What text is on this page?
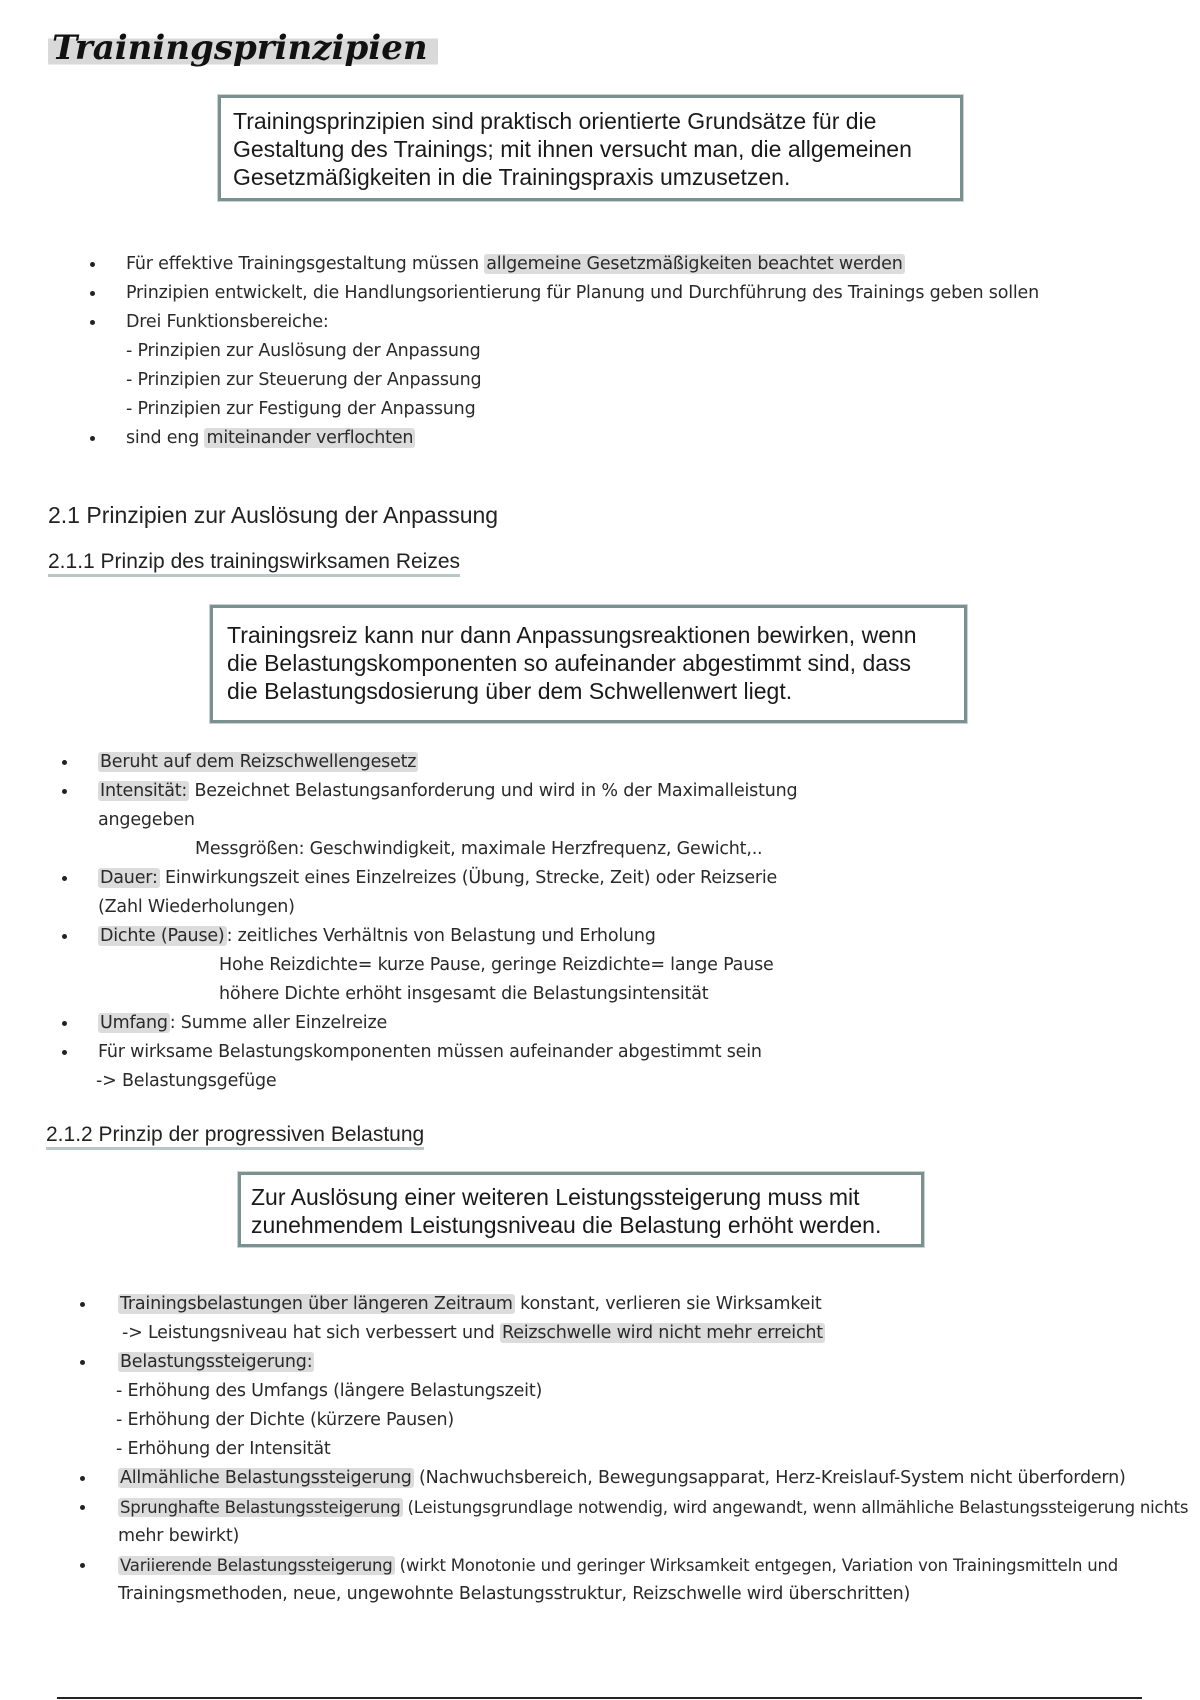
Trainingsprinzipien
Trainingsprinzipien sind praktisch orientierte Grundsätze für die
Gestaltung des Trainings; mit ihnen versucht man, die allgemeinen
Gesetzmäßigkeiten in die Trainingspraxis umzusetzen.
Für effektive Trainingsgestaltung müssen allgemeine Gesetzmäßigkeiten beachtet werden
Prinzipien entwickelt, die Handlungsorientierung für Planung und Durchführung des Trainings geben sollen
Drei Funktionsbereiche:
- Prinzipien zur Auslösung der Anpassung
- Prinzipien zur Steuerung der Anpassung
- Prinzipien zur Festigung der Anpassung
sind eng miteinander verflochten
2.1 Prinzipien zur Auslösung der Anpassung
2.1.1 Prinzip des trainingswirksamen Reizes
Trainingsreiz kann nur dann Anpassungsreaktionen bewirken, wenn
die Belastungskomponenten so aufeinander abgestimmt sind, dass
die Belastungsdosierung über dem Schwellenwert liegt.
Beruht auf dem Reizschwellengesetz
Intensität: Bezeichnet Belastungsanforderung und wird in % der Maximalleistung
angegeben
Messgrößen: Geschwindigkeit, maximale Herzfrequenz, Gewicht,..
Dauer: Einwirkungszeit eines Einzelreizes (Übung, Strecke, Zeit) oder Reizserie
(Zahl Wiederholungen)
Dichte (Pause) : zeitliches Verhältnis von Belastung und Erholung
Hohe Reizdichte= kurze Pause, geringe Reizdichte= lange Pause
höhere Dichte erhöht insgesamt die Belastungsintensität
Umfang : Summe aller Einzelreize
Für wirksame Belastungskomponenten müssen aufeinander abgestimmt sein
-> Belastungsgefüge
2.1.2 Prinzip der progressiven Belastung
Zur Auslösung einer weiteren Leistungssteigerung muss mit
zunehmendem Leistungsniveau die Belastung erhöht werden.
Trainingsbelastungen über längeren Zeitraum konstant, verlieren sie Wirksamkeit
-> Leistungsniveau hat sich verbessert und Reizschwelle wird nicht mehr erreicht
Belastungssteigerung:
- Erhöhung des Umfangs (längere Belastungszeit)
- Erhöhung der Dichte (kürzere Pausen)
- Erhöhung der Intensität
Allmähliche Belastungssteigerung (Nachwuchsbereich, Bewegungsapparat, Herz-Kreislauf-System nicht überfordern)
Sprunghafte Belastungssteigerung (Leistungsgrundlage notwendig, wird angewandt, wenn allmähliche Belastungssteigerung nichts
mehr bewirkt)
Variierende Belastungssteigerung (wirkt Monotonie und geringer Wirksamkeit entgegen, Variation von Trainingsmitteln und
Trainingsmethoden, neue, ungewohnte Belastungsstruktur, Reizschwelle wird überschritten)
